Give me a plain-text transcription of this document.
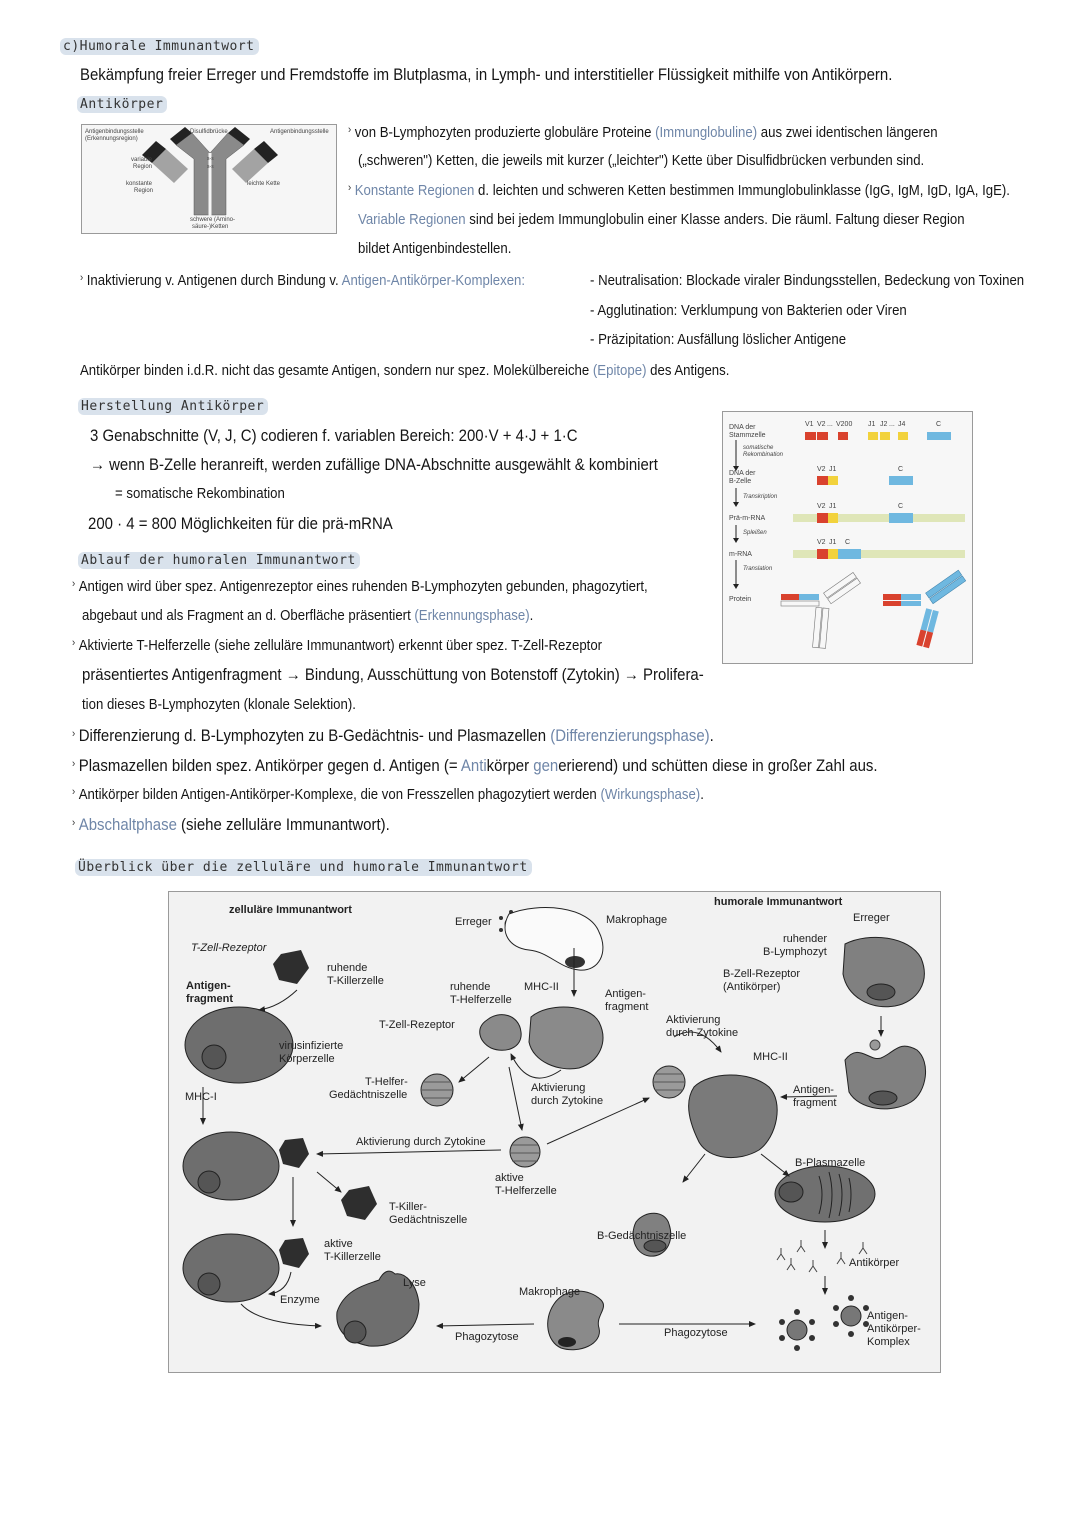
c)Humorale Immunantwort
Bekämpfung freier Erreger und Fremdstoffe im Blutplasma, in Lymph- und interstitieller Flüssigkeit mithilfe von Antikörpern.
Antikörper
Antigenbindungsstelle
(Erkennungsregion)
Disulfidbrücke	Antigenbindungsstelle
variable
Region
konstante
Region
leichte Kette
schwere (Amino-
säure-)Ketten
s-s
s-s
› von B-Lymphozyten produzierte globuläre Proteine (Immunglobuline) aus zwei identischen längeren
(„schweren") Ketten, die jeweils mit kurzer („leichter") Kette über Disulfidbrücken verbunden sind.
› Konstante Regionen d. leichten und schweren Ketten bestimmen Immunglobulinklasse (IgG, IgM, IgD, IgA, IgE).
Variable Regionen sind bei jedem Immunglobulin einer Klasse anders. Die räuml. Faltung dieser Region
bildet Antigenbindestellen.
› Inaktivierung v. Antigenen durch Bindung v. Antigen-Antikörper-Komplexen:	- Neutralisation: Blockade viraler Bindungsstellen, Bedeckung von Toxinen
- Agglutination: Verklumpung von Bakterien oder Viren
- Präzipitation: Ausfällung löslicher Antigene
Antikörper binden i.d.R. nicht das gesamte Antigen, sondern nur spez. Molekülbereiche (Epitope) des Antigens.
Herstellung Antikörper
3 Genabschnitte (V, J, C) codieren f. variablen Bereich: 200·V + 4·J + 1·C
→ wenn B-Zelle heranreift, werden zufällige DNA-Abschnitte ausgewählt & kombiniert
= somatische Rekombination
200 · 4 = 800 Möglichkeiten für die prä-mRNA
DNA der
Stammzelle
somatische
Rekombination
DNA der
B-Zelle
Transkription
Prä-m-RNA
Spleißen
m-RNA
Translation
Protein
V1 V2 ... V200 J1 J2 ... J4	C
V2 J1	C
V2 J1	C
V2 J1 C
Ablauf der humoralen Immunantwort
› Antigen wird über spez. Antigenrezeptor eines ruhenden B-Lymphozyten gebunden, phagozytiert,
abgebaut und als Fragment an d. Oberfläche präsentiert (Erkennungsphase).
› Aktivierte T-Helferzelle (siehe zelluläre Immunantwort) erkennt über spez. T-Zell-Rezeptor
präsentiertes Antigenfragment → Bindung, Ausschüttung von Botenstoff (Zytokin) → Prolifera-
tion dieses B-Lymphozyten (klonale Selektion).
› Differenzierung d. B-Lymphozyten zu B-Gedächtnis- und Plasmazellen (Differenzierungsphase).
› Plasmazellen bilden spez. Antikörper gegen d. Antigen (= Antikörper generierend) und schütten diese in großer Zahl aus.
› Antikörper bilden Antigen-Antikörper-Komplexe, die von Fresszellen phagozytiert werden (Wirkungsphase).
› Abschaltphase (siehe zelluläre Immunantwort).
Überblick über die zelluläre und humorale Immunantwort
zelluläre Immunantwort
humorale Immunantwort
Erreger	Makrophage	Erreger
T-Zell-Rezeptor
ruhende
T-Killerzelle
Antigen-
fragment
virusinfizierte
Körperzelle
MHC-I
ruhende
T-Helferzelle
MHC-II
Antigen-
fragment
T-Zell-Rezeptor
T-Helfer-
Gedächtniszelle
Aktivierung
durch Zytokine
Aktivierung
durch Zytokine
ruhender
B-Lymphozyt
B-Zell-Rezeptor
(Antikörper)
MHC-II
Antigen-
fragment
Aktivierung durch Zytokine
aktive
T-Helferzelle
T-Killer-
Gedächtniszelle
aktive
T-Killerzelle
Enzyme
Lyse
Makrophage
Phagozytose	Phagozytose
B-Plasmazelle
B-Gedächtniszelle
Antikörper
Antigen-
Antikörper-
Komplex
